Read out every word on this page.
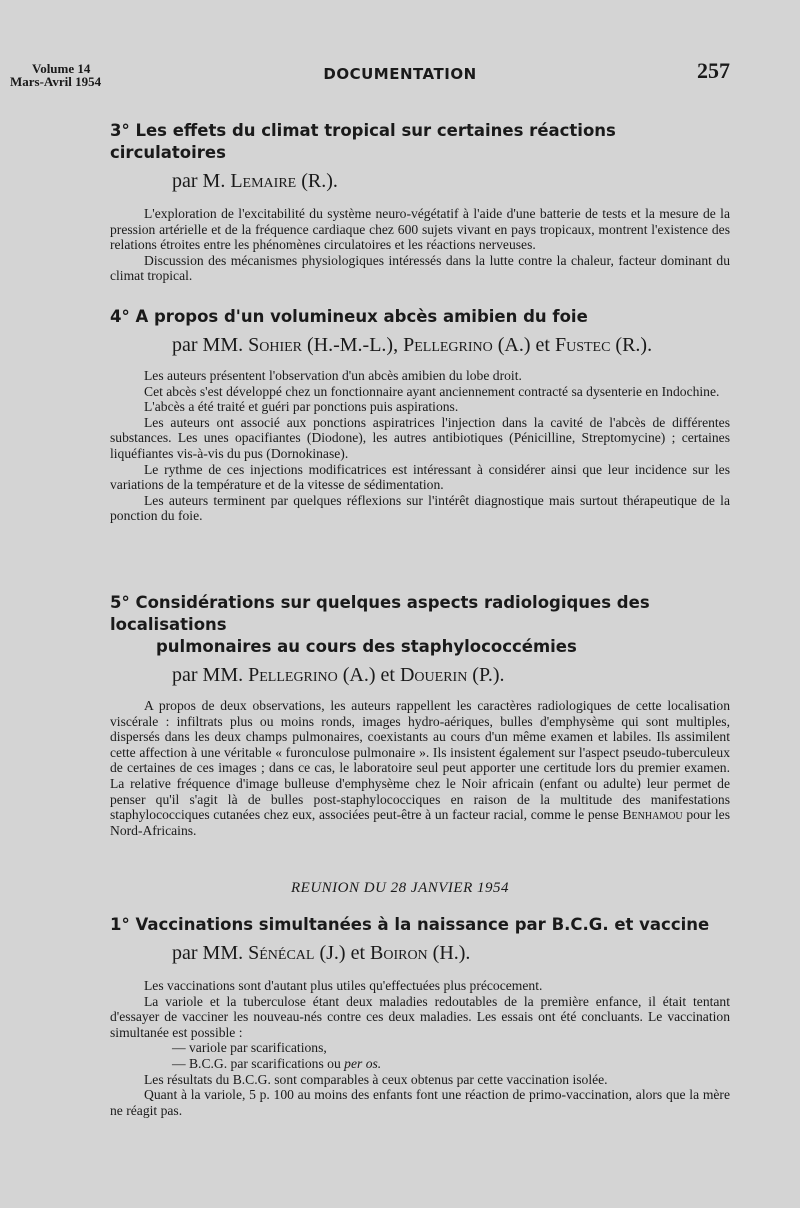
Volume 14
Mars-Avril 1954	DOCUMENTATION	257
3° Les effets du climat tropical sur certaines réactions circulatoires
par M. Lemaire (R.).

L'exploration de l'excitabilité du système neuro-végétatif à l'aide d'une batterie de tests et la mesure de la pression artérielle et de la fréquence cardiaque chez 600 sujets vivant en pays tropicaux, montrent l'existence des relations étroites entre les phénomènes circulatoires et les réactions nerveuses.

Discussion des mécanismes physiologiques intéressés dans la lutte contre la chaleur, facteur dominant du climat tropical.

4° A propos d'un volumineux abcès amibien du foie
par MM. Sohier (H.-M.-L.), Pellegrino (A.) et Fustec (R.).

Les auteurs présentent l'observation d'un abcès amibien du lobe droit.

Cet abcès s'est développé chez un fonctionnaire ayant anciennement contracté sa dysenterie en Indochine.

L'abcès a été traité et guéri par ponctions puis aspirations.

Les auteurs ont associé aux ponctions aspiratrices l'injection dans la cavité de l'abcès de différentes substances. Les unes opacifiantes (Diodone), les autres antibiotiques (Pénicilline, Streptomycine) ; certaines liquéfiantes vis-à-vis du pus (Dornokinase).

Le rythme de ces injections modificatrices est intéressant à considérer ainsi que leur incidence sur les variations de la température et de la vitesse de sédimentation.

Les auteurs terminent par quelques réflexions sur l'intérêt diagnostique mais surtout thérapeutique de la ponction du foie.

5° Considérations sur quelques aspects radiologiques des localisations
pulmonaires au cours des staphylococcémies
par MM. Pellegrino (A.) et Douerin (P.).

A propos de deux observations, les auteurs rappellent les caractères radiologiques de cette localisation viscérale : infiltrats plus ou moins ronds, images hydro-aériques, bulles d'emphysème qui sont multiples, dispersés dans les deux champs pulmonaires, coexistants au cours d'un même examen et labiles. Ils assimilent cette affection à une véritable « furonculose pulmonaire ». Ils insistent également sur l'aspect pseudo-tuberculeux de certaines de ces images ; dans ce cas, le laboratoire seul peut apporter une certitude lors du premier examen. La relative fréquence d'image bulleuse d'emphysème chez le Noir africain (enfant ou adulte) leur permet de penser qu'il s'agit là de bulles post-staphylococciques en raison de la multitude des manifestations staphylococciques cutanées chez eux, associées peut-être à un facteur racial, comme le pense Benhamou pour les Nord-Africains.

REUNION DU 28 JANVIER 1954
1° Vaccinations simultanées à la naissance par B.C.G. et vaccine
par MM. Sénécal (J.) et Boiron (H.).

Les vaccinations sont d'autant plus utiles qu'effectuées plus précocement.

La variole et la tuberculose étant deux maladies redoutables de la première enfance, il était tentant d'essayer de vacciner les nouveau-nés contre ces deux maladies. Les essais ont été concluants. Le vaccination simultanée est possible :

— variole par scarifications,
— B.C.G. par scarifications ou per os.

Les résultats du B.C.G. sont comparables à ceux obtenus par cette vaccination isolée.

Quant à la variole, 5 p. 100 au moins des enfants font une réaction de primo-vaccination, alors que la mère ne réagit pas.
